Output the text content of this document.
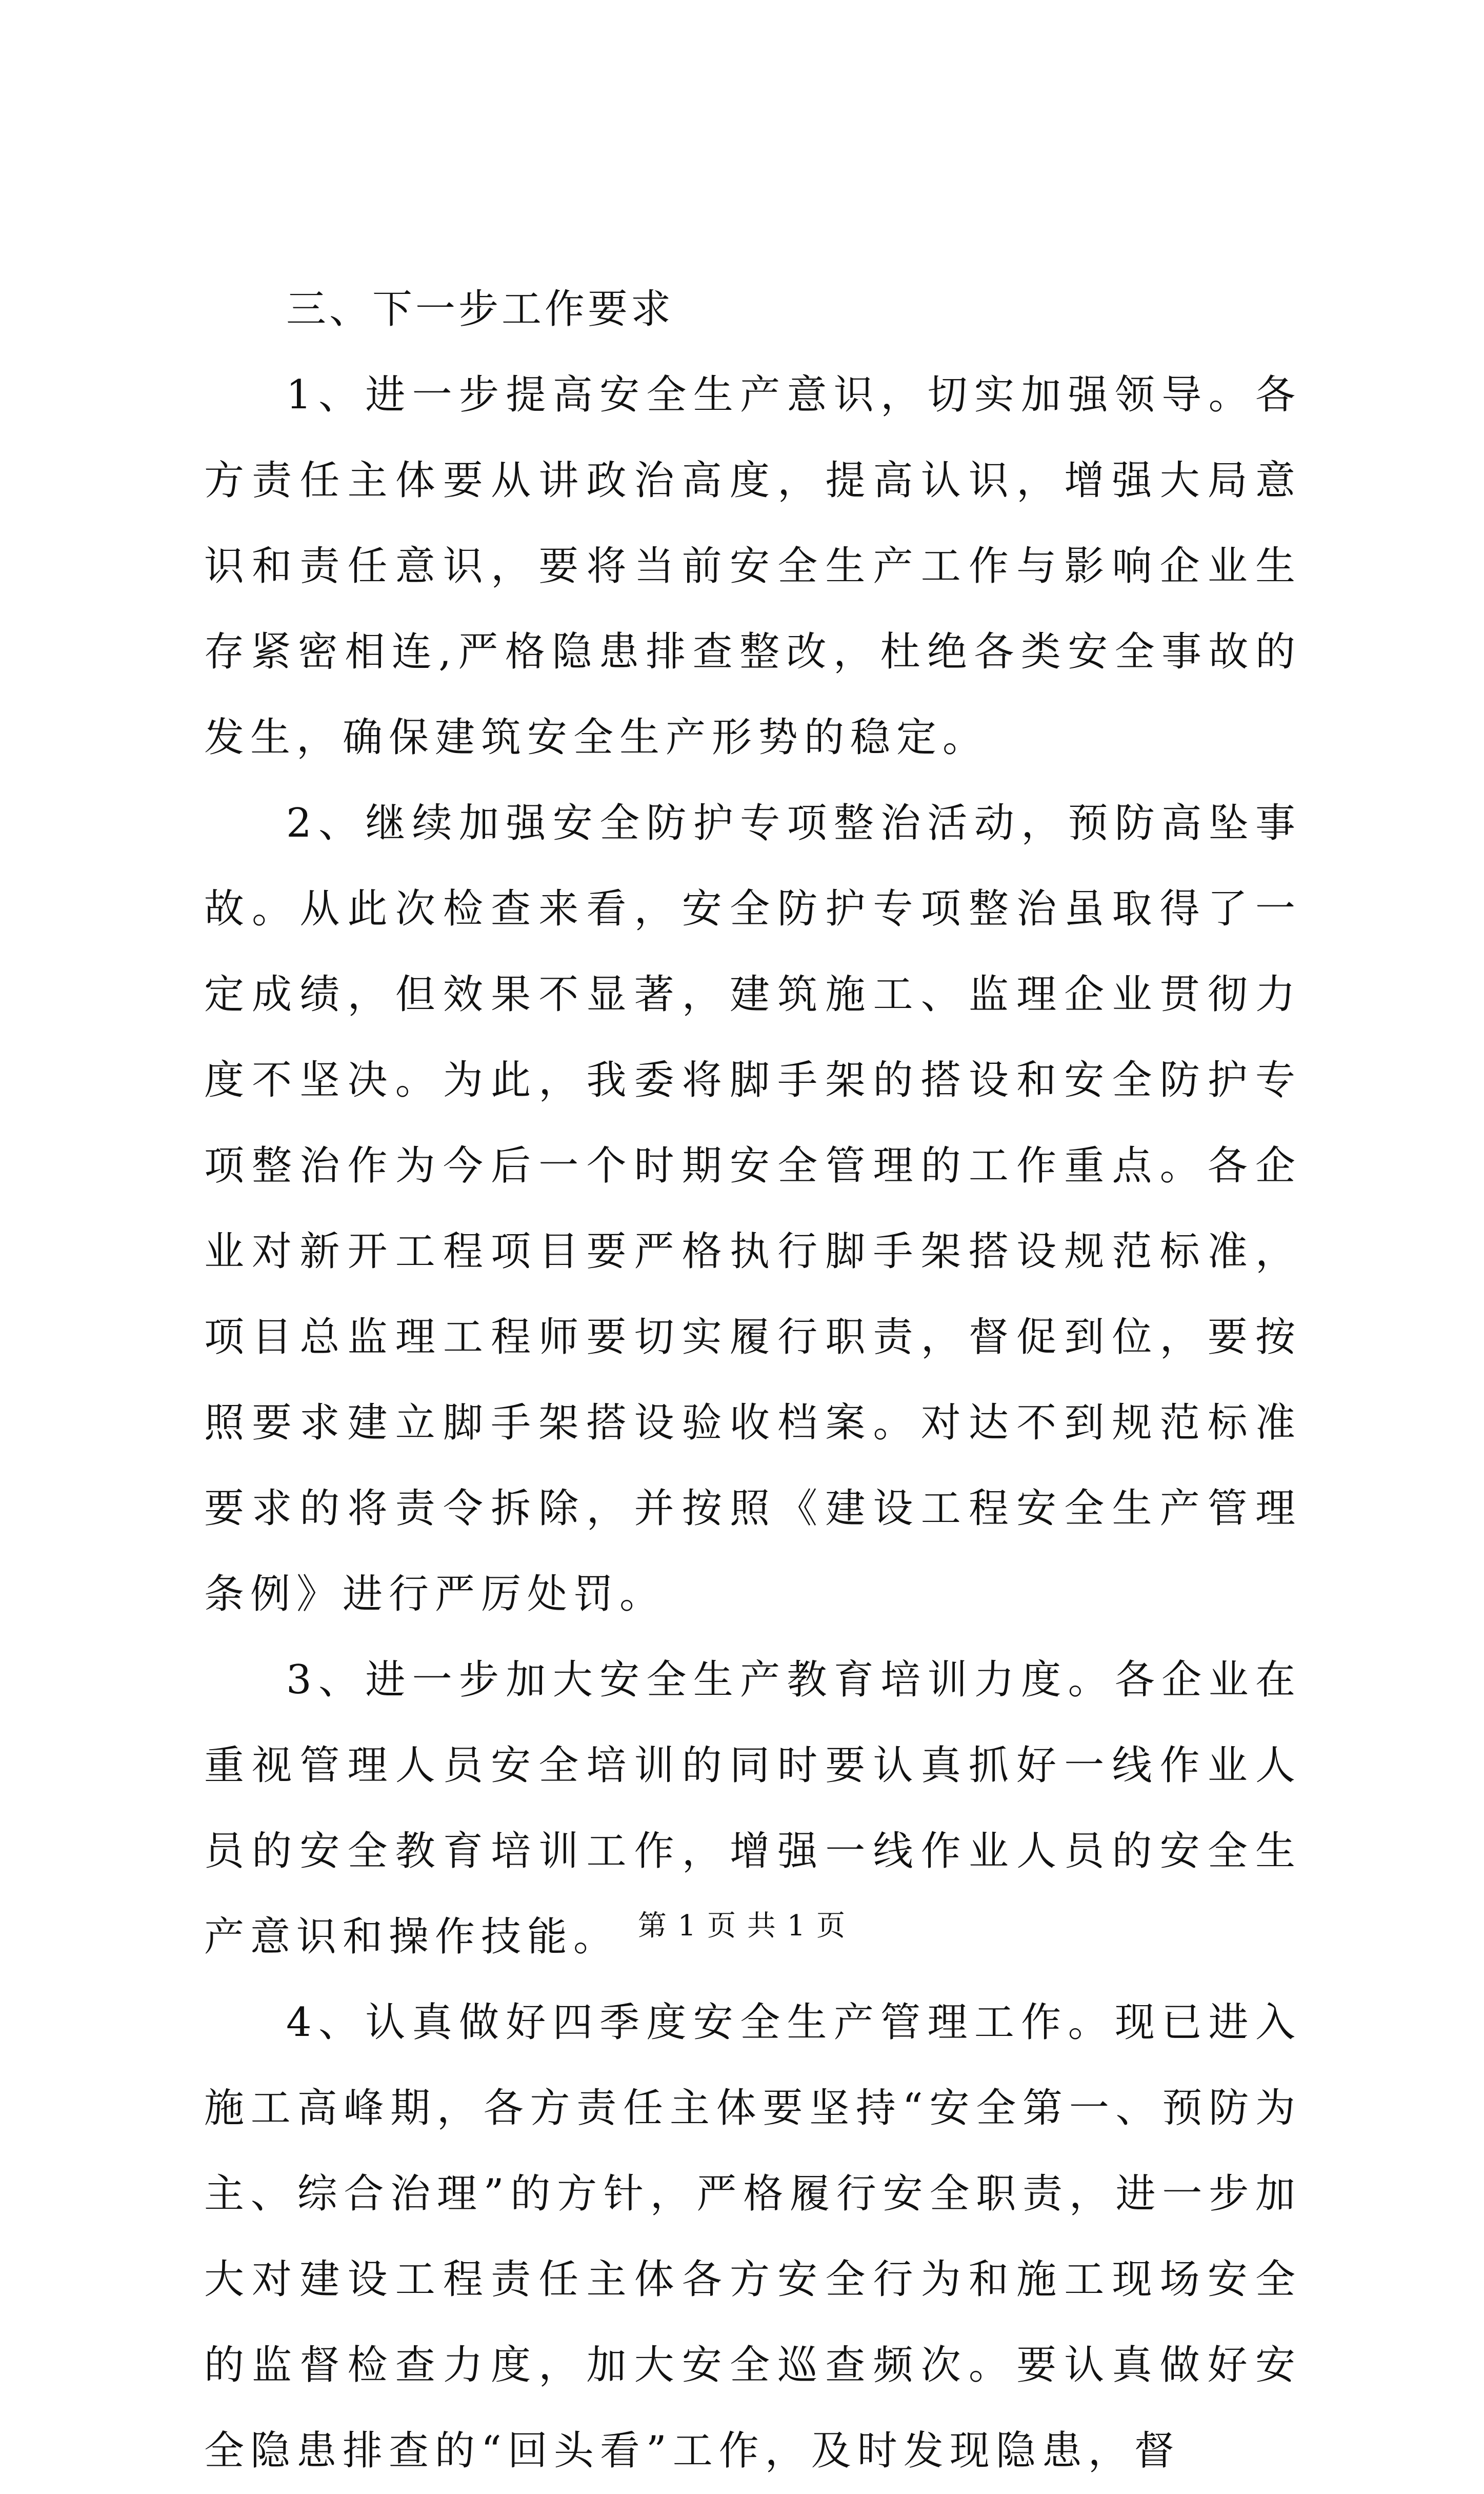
三、下一步工作要求

1、进一步提高安全生产意识，切实加强领导。各方责任主体要从讲政治高度，提高认识，增强大局意识和责任意识，要将当前安全生产工作与影响企业生存紧密相连,严格隐患排查整改，杜绝各类安全事故的发生，确保建筑安全生产形势的稳定。

2、继续加强安全防护专项整治活动，预防高坠事故。从此次检查来看，安全防护专项整治虽取得了一定成绩，但效果不显著，建筑施工、监理企业贯彻力度不坚决。为此，我委将脚手架的搭设和安全防护专项整治作为今后一个时期安全管理的工作重点。各企业对新开工程项目要严格执行脚手架搭设规范标准，项目总监理工程师要切实履行职责，督促到位，要按照要求建立脚手架搭设验收档案。对达不到规范标准要求的将责令拆除，并按照《建设工程安全生产管理条例》进行严厉处罚。

3、进一步加大安全生产教育培训力度。各企业在重视管理人员安全培训的同时要认真抓好一线作业人员的安全教育培训工作，增强一线作业人员的安全生产意识和操作技能。

4、认真做好四季度安全生产管理工作。现已进入施工高峰期，各方责任主体要坚持“安全第一、预防为主、综合治理”的方针，严格履行安全职责，进一步加大对建设工程责任主体各方安全行为和施工现场安全的监督检查力度，加大安全巡查频次。要认真做好安全隐患排查的“回头看”工作，及时发现隐患，督

第 1 页 共 1 页
